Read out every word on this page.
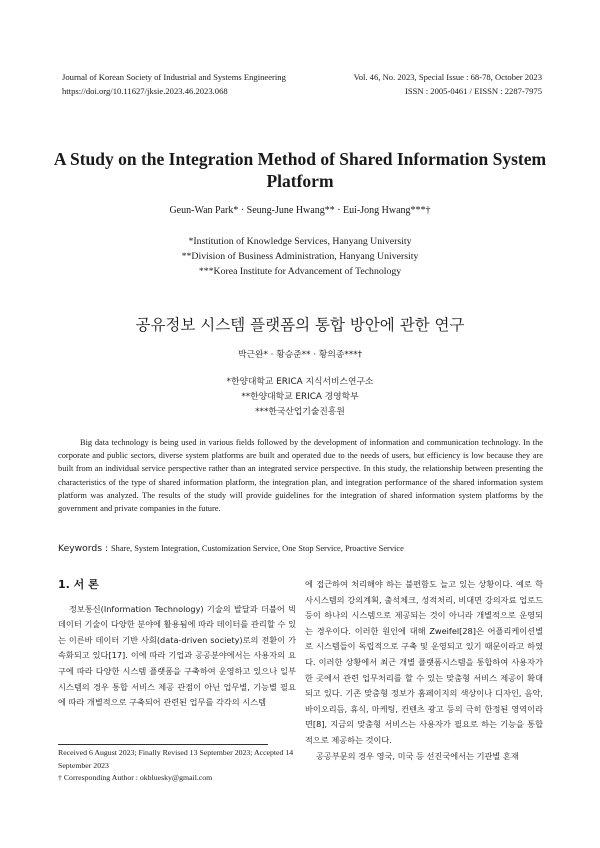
Journal of Korean Society of Industrial and Systems Engineering
https://doi.org/10.11627/jksie.2023.46.2023.068
Vol. 46, No. 2023, Special Issue : 68-78, October 2023
ISSN : 2005-0461 / EISSN : 2287-7975
A Study on the Integration Method of Shared Information System Platform
Geun-Wan Park* · Seung-June Hwang** · Eui-Jong Hwang***†
*Institution of Knowledge Services, Hanyang University
**Division of Business Administration, Hanyang University
***Korea Institute for Advancement of Technology
공유정보 시스템 플랫폼의 통합 방안에 관한 연구
박근완* · 황승준** · 황의종***†
*한양대학교 ERICA 지식서비스연구소
**한양대학교 ERICA 경영학부
***한국산업기술진흥원
Big data technology is being used in various fields followed by the development of information and communication technology. In the corporate and public sectors, diverse system platforms are built and operated due to the needs of users, but efficiency is low because they are built from an individual service perspective rather than an integrated service perspective. In this study, the relationship between presenting the characteristics of the type of shared information platform, the integration plan, and integration performance of the shared information system platform was analyzed. The results of the study will provide guidelines for the integration of shared information system platforms by the government and private companies in the future.
Keywords : Share, System Integration, Customization Service, One Stop Service, Proactive Service
1. 서 론

정보통신(Information Technology) 기술의 발달과 더불어 빅데이터 기술이 다양한 분야에 활용됨에 따라 데이터를 관리할 수 있는 이른바 데이터 기반 사회(data-driven society)로의 전환이 가속화되고 있다[17]. 이에 따라 기업과 공공분야에서는 사용자의 요구에 따라 다양한 시스템 플랫폼을 구축하여 운영하고 있으나 일부 시스템의 경우 통합 서비스 제공 관점이 아닌 업무별, 기능별 필요에 따라 개별적으로 구축되어 관련된 업무를 각각의 시스템

에 접근하여 처리해야 하는 불편함도 늘고 있는 상황이다. 예로 학사시스템의 강의계획, 출석체크, 성적처리, 비대면 강의자료 업로드 등이 하나의 시스템으로 제공되는 것이 아니라 개별적으로 운영되는 경우이다. 이러한 원인에 대해 Zweifel[28]은 어플리케이션별로 시스템들이 독립적으로 구축 및 운영되고 있기 때문이라고 하였다. 이러한 상황에서 최근 개별 플랫폼시스템을 통합하여 사용자가 한 곳에서 관련 업무처리를 할 수 있는 맞춤형 서비스 제공이 확대되고 있다. 기존 맞춤형 정보가 홈페이지의 색상이나 디자인, 음악, 바이오리듬, 휴식, 마케팅, 컨텐츠 광고 등의 극히 한정된 영역이라면[8], 지금의 맞춤형 서비스는 사용자가 필요로 하는 기능을 통합적으로 제공하는 것이다.

공공부문의 경우 영국, 미국 등 선진국에서는 기관별 혼재

Received 6 August 2023; Finally Revised 13 September 2023; Accepted 14 September 2023
† Corresponding Author : okbluesky@gmail.com
